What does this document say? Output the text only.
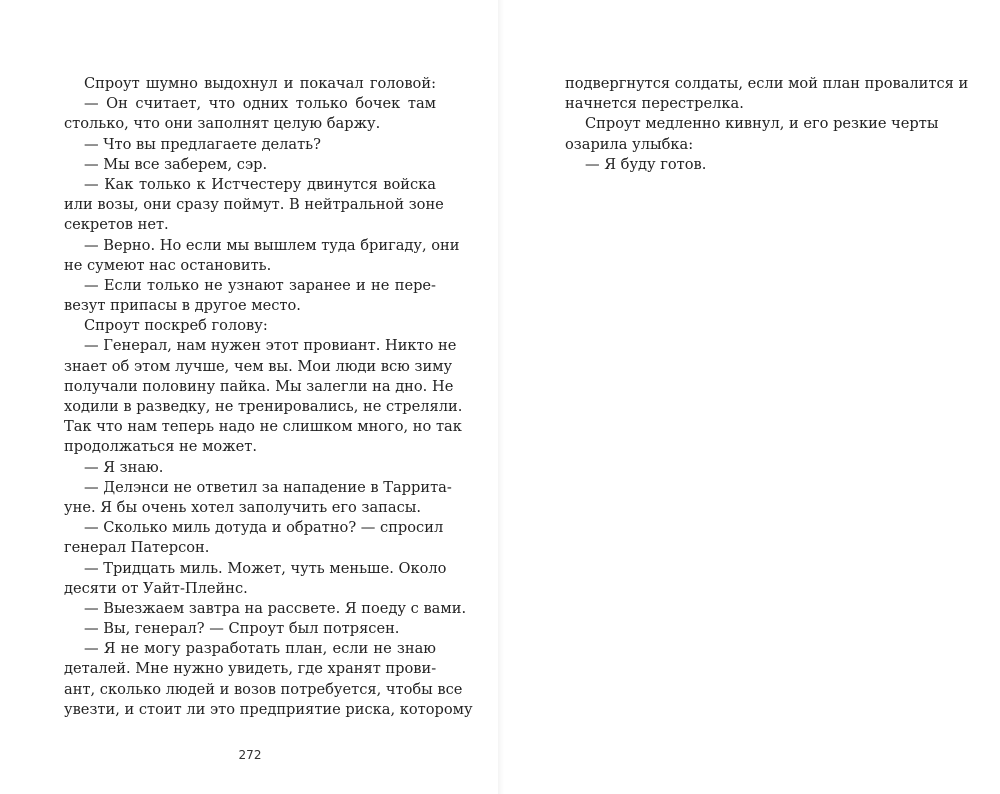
Спроут шумно выдохнул и покачал головой:
— Он считает, что одних только бочек там
столько, что они заполнят целую баржу.
— Что вы предлагаете делать?
— Мы все заберем, сэр.
— Как только к Истчестеру двинутся войска
или возы, они сразу поймут. В нейтральной зоне
секретов нет.
— Верно. Но если мы вышлем туда бригаду, они
не сумеют нас остановить.
— Если только не узнают заранее и не пере-
везут припасы в другое место.
Спроут поскреб голову:
— Генерал, нам нужен этот провиант. Никто не
знает об этом лучше, чем вы. Мои люди всю зиму
получали половину пайка. Мы залегли на дно. Не
ходили в разведку, не тренировались, не стреляли.
Так что нам теперь надо не слишком много, но так
продолжаться не может.
— Я знаю.
— Делэнси не ответил за нападение в Таррита-
уне. Я бы очень хотел заполучить его запасы.
— Сколько миль дотуда и обратно? — спросил
генерал Патерсон.
— Тридцать миль. Может, чуть меньше. Около
десяти от Уайт-Плейнс.
— Выезжаем завтра на рассвете. Я поеду с вами.
— Вы, генерал? — Спроут был потрясен.
— Я не могу разработать план, если не знаю
деталей. Мне нужно увидеть, где хранят прови-
ант, сколько людей и возов потребуется, чтобы все
увезти, и стоит ли это предприятие риска, которому
подвергнутся солдаты, если мой план провалится и
начнется перестрелка.
Спроут медленно кивнул, и его резкие черты
озарила улыбка:
— Я буду готов.
272
